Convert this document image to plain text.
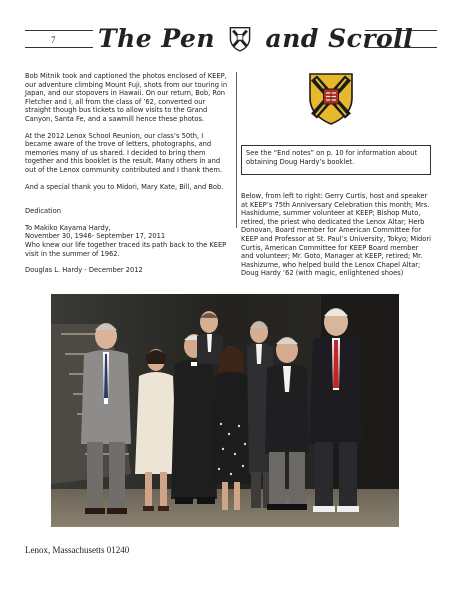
7 The Pen and Scroll

Bob Mitnik took and captioned the photos enclosed of KEEP, our adventure climbing Mount Fuji, shots from our touring in Japan, and our stopovers in Hawaii. On our return, Bob, Ron Fletcher and I, all from the class of ’62, converted our straight though bus tickets to allow visits to the Grand Canyon, Santa Fe, and a sawmill hence these photos.

At the 2012 Lenox School Reunion, our class’s 50th, I became aware of the trove of letters, photographs, and memories many of us shared. I decided to bring them together and this booklet is the result. Many others in and out of the Lenox community contributed and I thank them.

And a special thank you to Midori, Mary Kate, Bill, and Bob.

Dedication

To Makiko Kayama Hardy,

November 30, 1946- September 17, 2011

Who knew our life together traced its path back to the KEEP visit in the summer of 1962.

Douglas L. Hardy - December 2012

See the “End notes” on p. 10 for information about obtaining Doug Hardy’s booklet.
Below, from left to right: Gerry Curtis, host and speaker at KEEP’s 75th Anniversary Celebration this month; Mrs. Hashidume, summer volunteer at KEEP; Bishop Muto, retired, the priest who dedicated the Lenox Altar; Herb Donovan, Board member for American Committee for KEEP and Professor at St. Paul’s University, Tokyo; Midori Curtis, American Committee for KEEP Board member and volunteer; Mr. Goto, Manager at KEEP, retired; Mr. Hashizume, who helped build the Lenox Chapel Altar; Doug Hardy ’62 (with magic, enlightened shoes)
Lenox, Massachusetts 01240
